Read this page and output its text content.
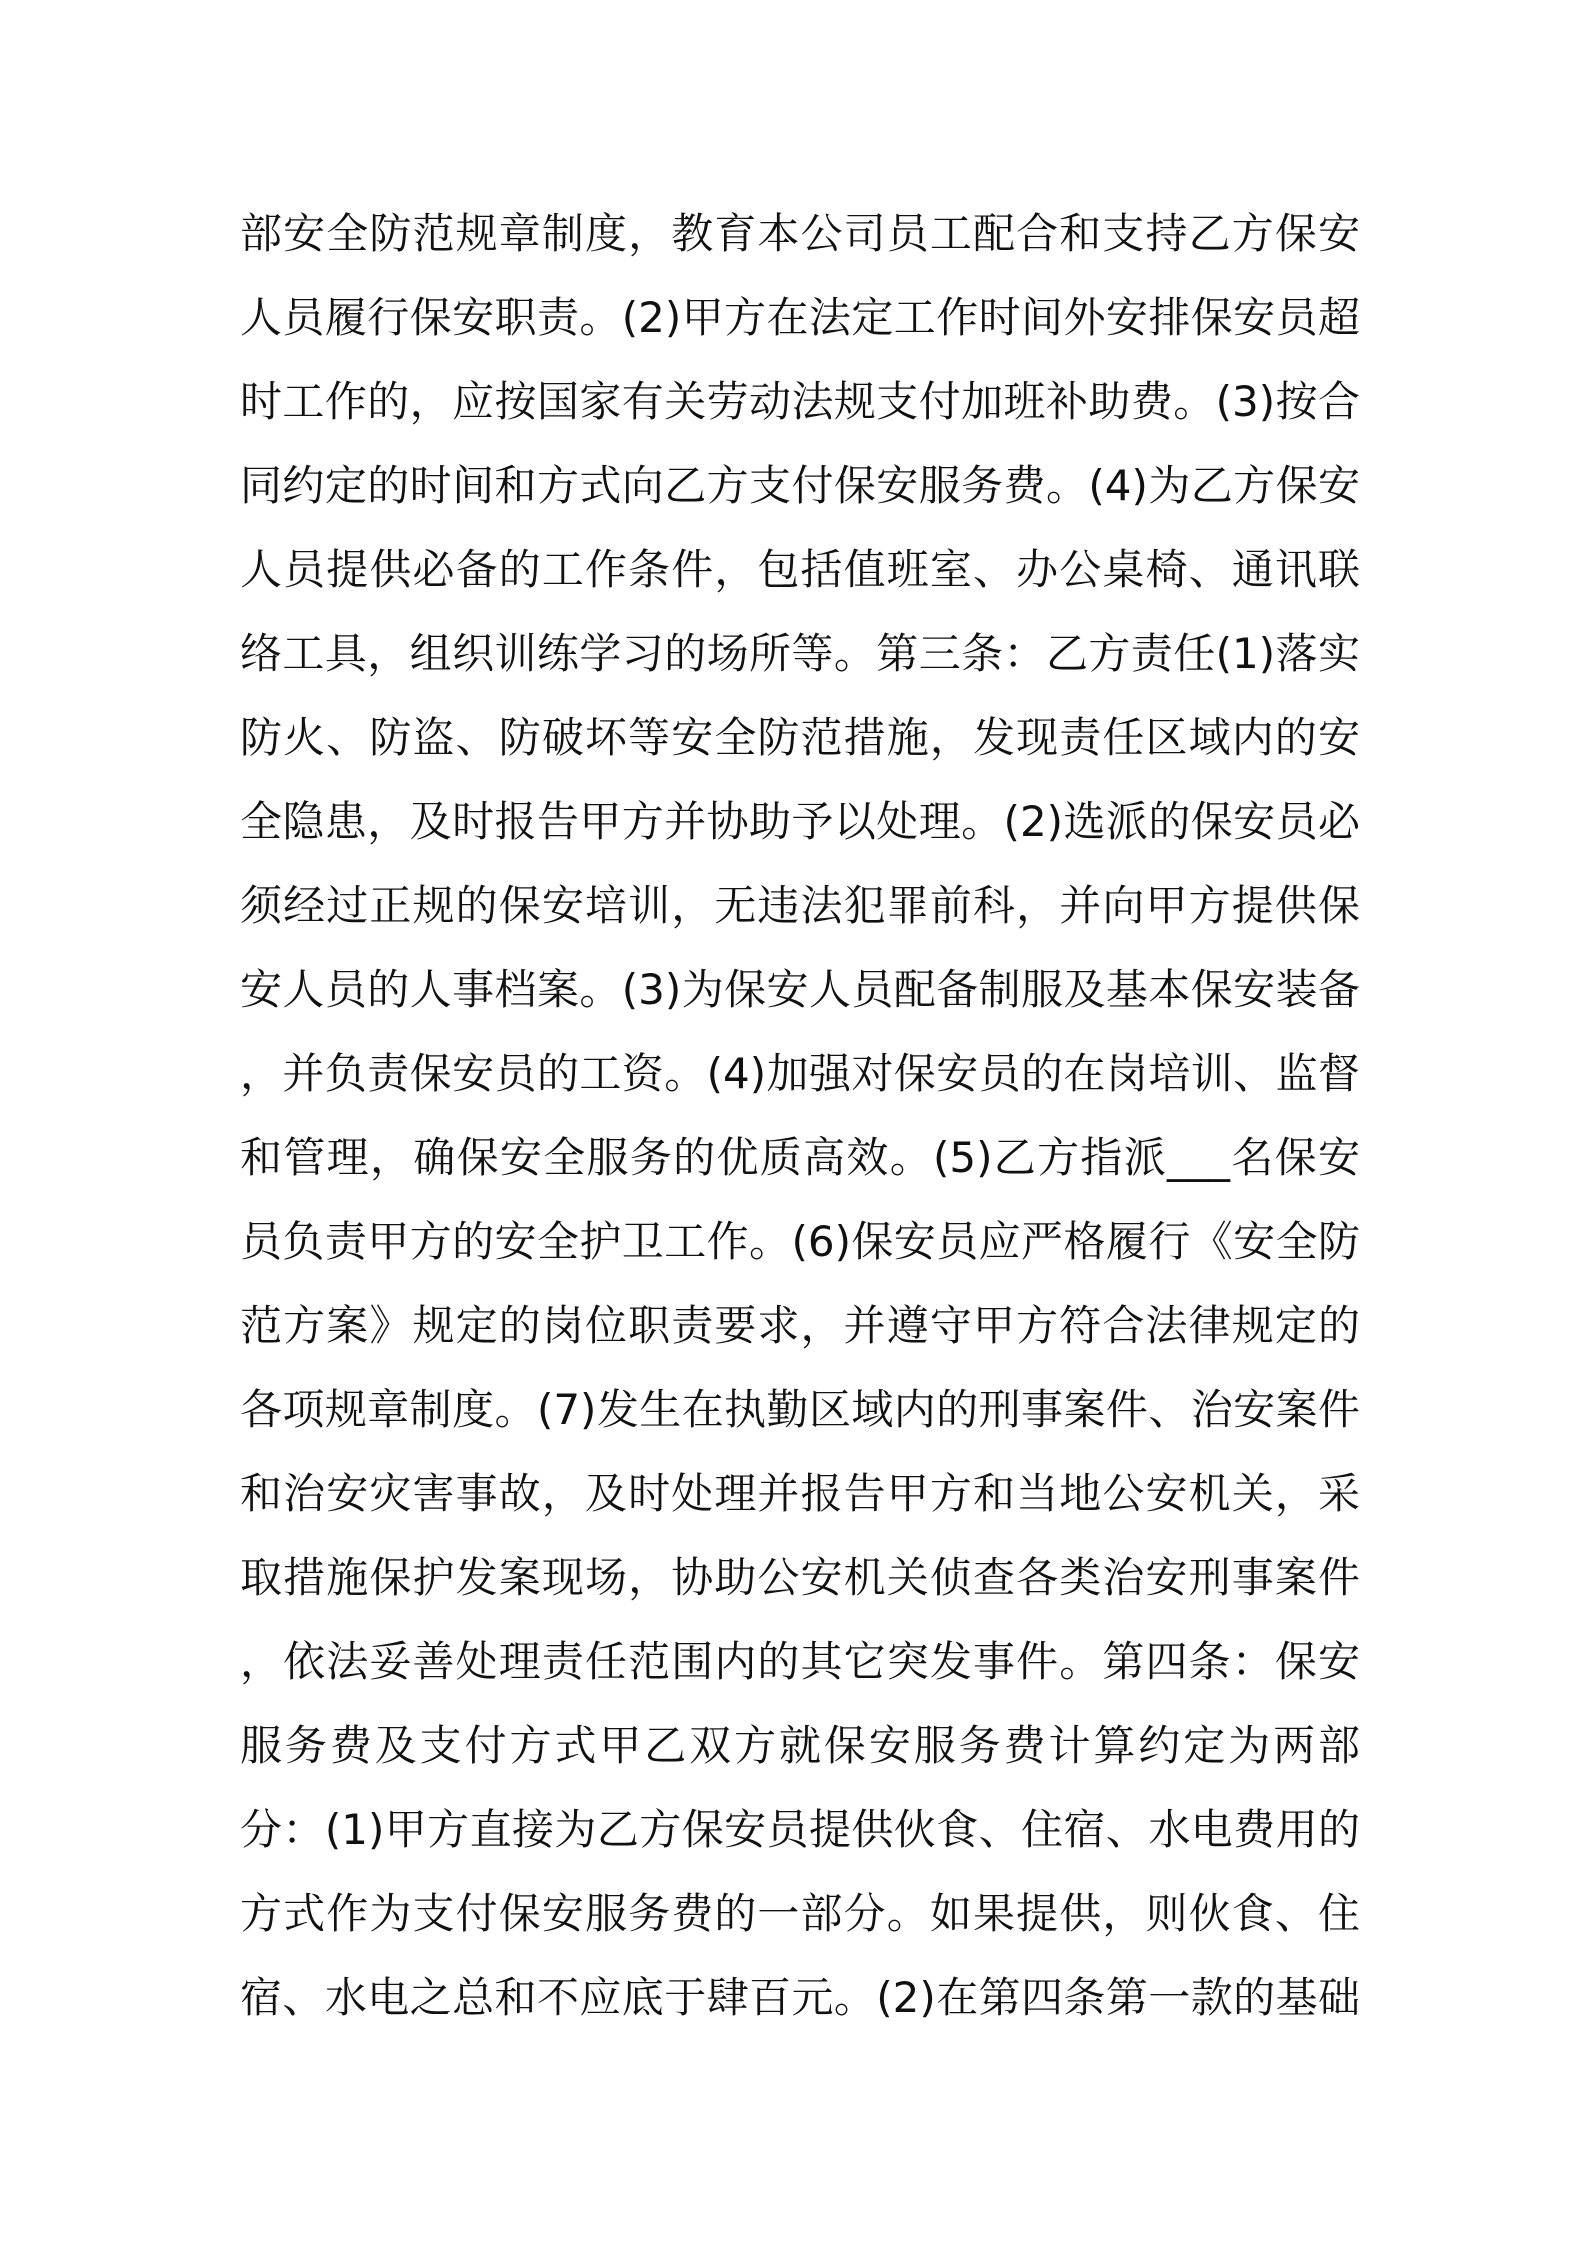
部安全防范规章制度，教育本公司员工配合和支持乙方保安
人员履行保安职责。(2)甲方在法定工作时间外安排保安员超
时工作的，应按国家有关劳动法规支付加班补助费。(3)按合
同约定的时间和方式向乙方支付保安服务费。(4)为乙方保安
人员提供必备的工作条件，包括值班室、办公桌椅、通讯联
络工具，组织训练学习的场所等。第三条：乙方责任(1)落实
防火、防盗、防破坏等安全防范措施，发现责任区域内的安
全隐患，及时报告甲方并协助予以处理。(2)选派的保安员必
须经过正规的保安培训，无违法犯罪前科，并向甲方提供保
安人员的人事档案。(3)为保安人员配备制服及基本保安装备
，并负责保安员的工资。(4)加强对保安员的在岗培训、监督
和管理，确保安全服务的优质高效。(5)乙方指派___名保安
员负责甲方的安全护卫工作。(6)保安员应严格履行《安全防
范方案》规定的岗位职责要求，并遵守甲方符合法律规定的
各项规章制度。(7)发生在执勤区域内的刑事案件、治安案件
和治安灾害事故，及时处理并报告甲方和当地公安机关，采
取措施保护发案现场，协助公安机关侦查各类治安刑事案件
，依法妥善处理责任范围内的其它突发事件。第四条：保安
服务费及支付方式甲乙双方就保安服务费计算约定为两部
分：(1)甲方直接为乙方保安员提供伙食、住宿、水电费用的
方式作为支付保安服务费的一部分。如果提供，则伙食、住
宿、水电之总和不应底于肆百元。(2)在第四条第一款的基础
